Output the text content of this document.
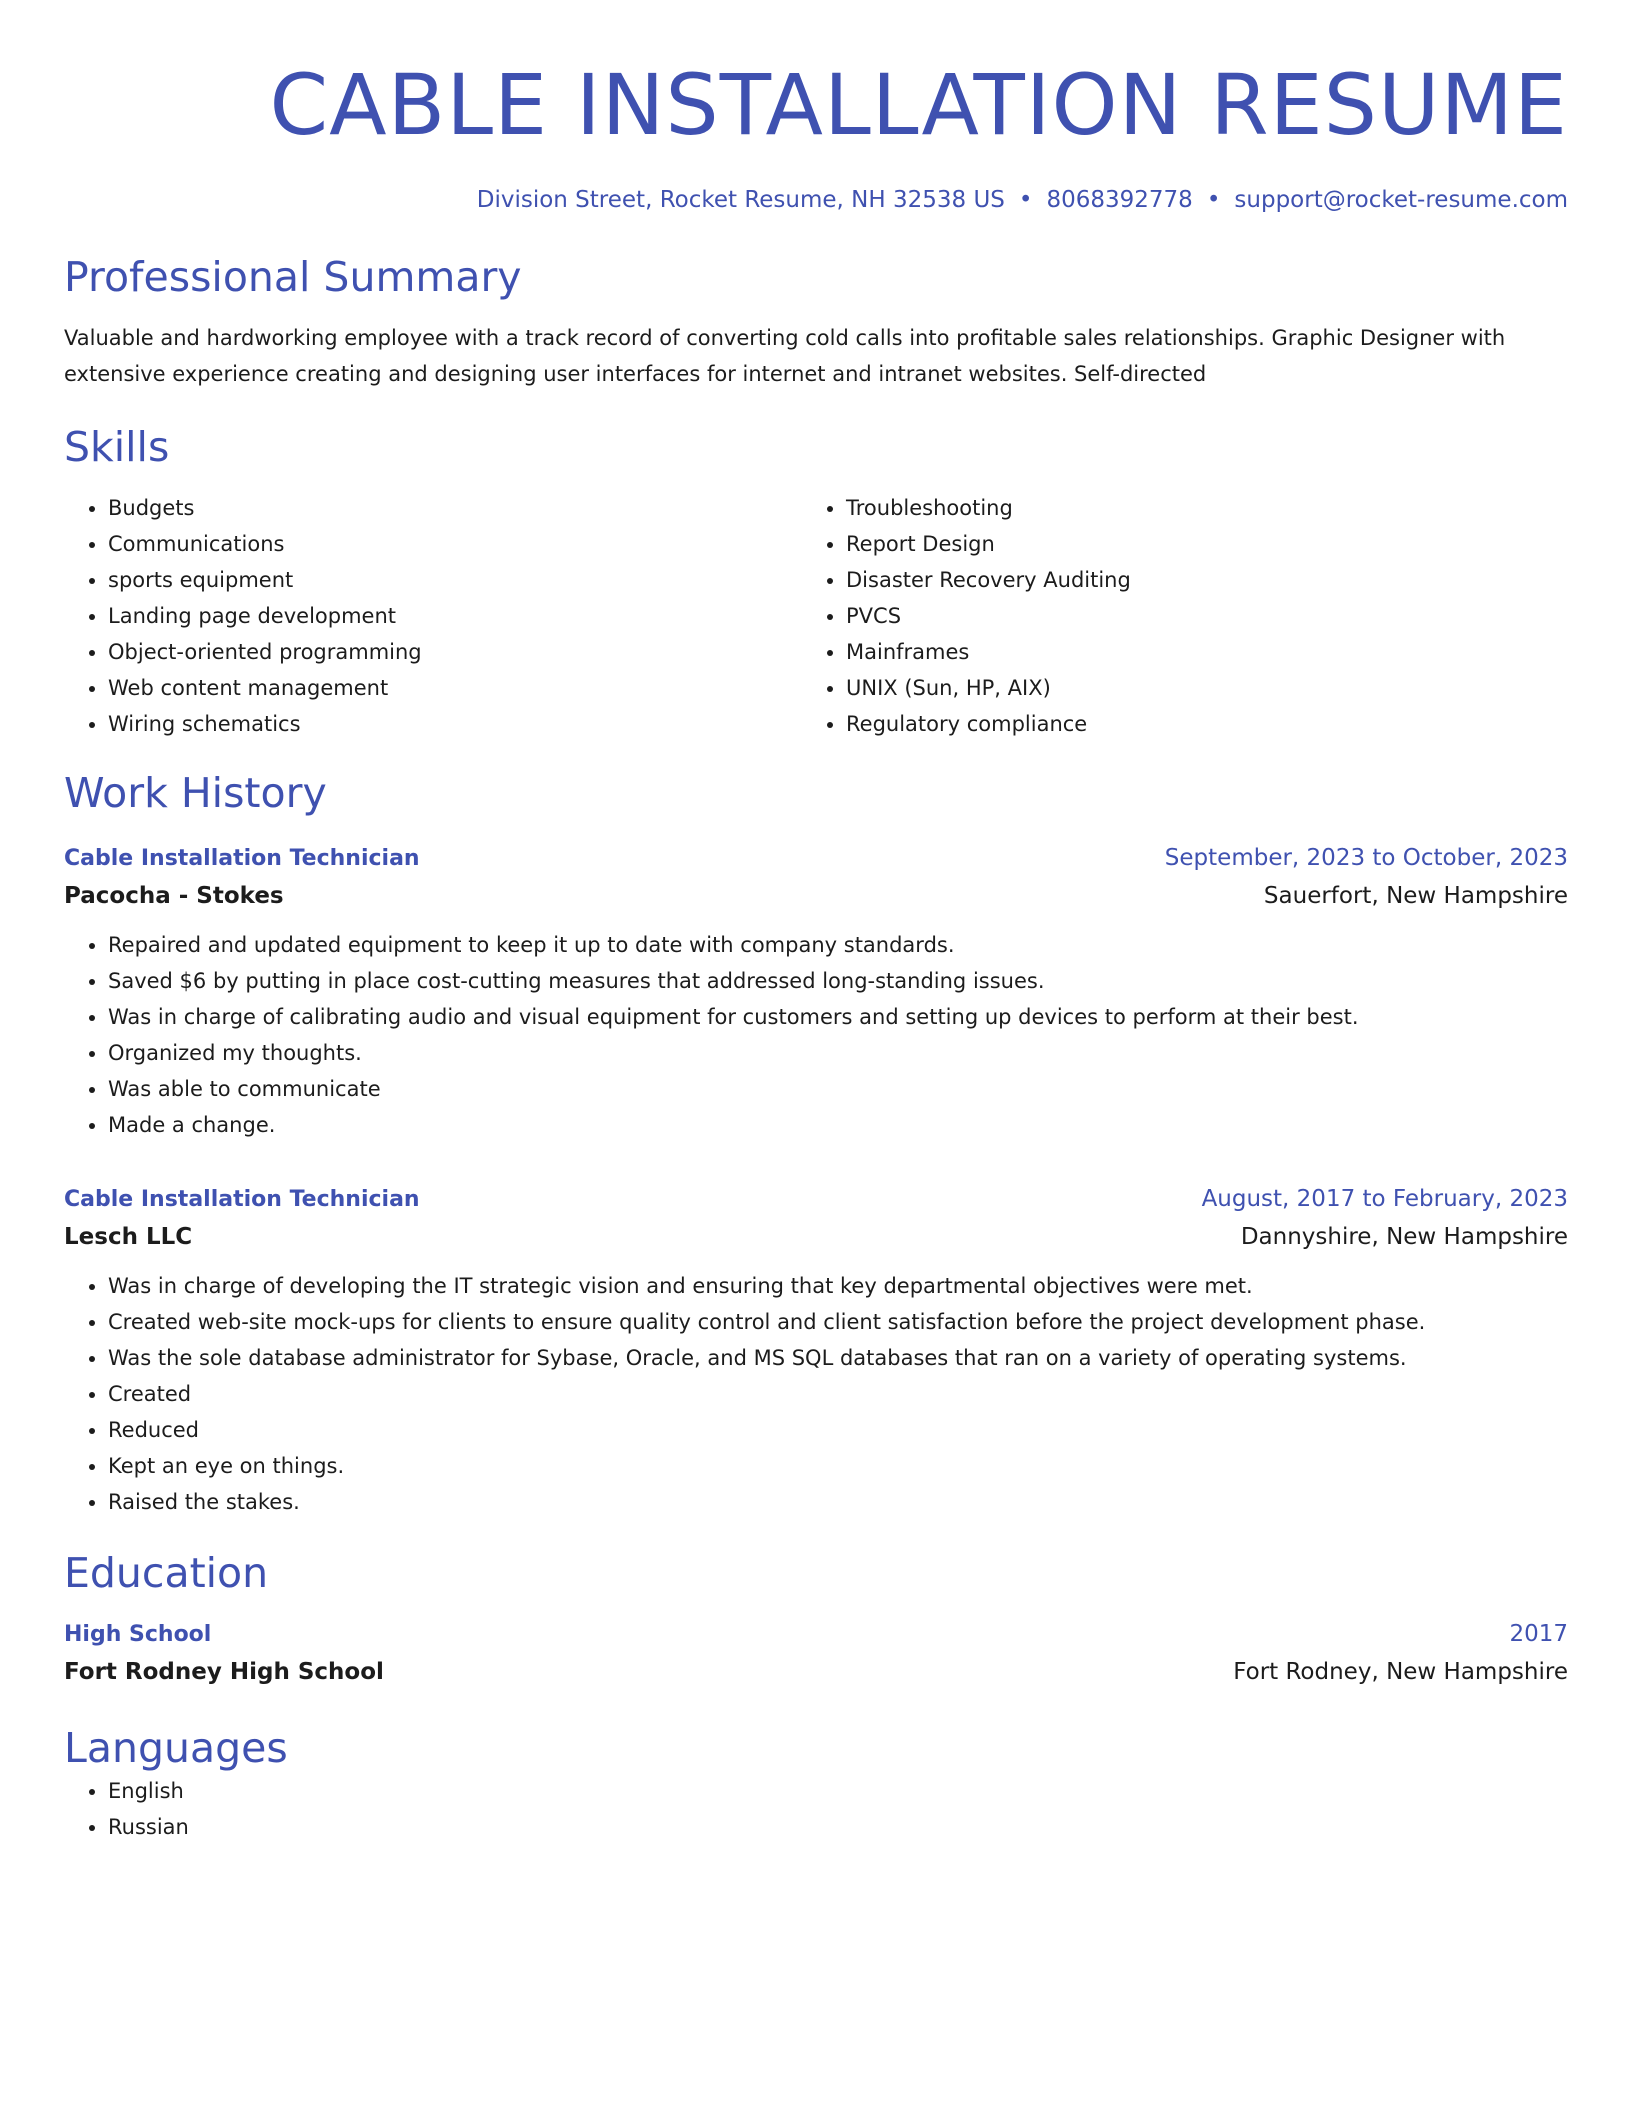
CABLE INSTALLATION RESUME
Division Street, Rocket Resume, NH 32538 US • 8068392778 • support@rocket-resume.com
Professional Summary
Valuable and hardworking employee with a track record of converting cold calls into profitable sales relationships. Graphic Designer with extensive experience creating and designing user interfaces for internet and intranet websites. Self-directed
Skills
• Budgets
• Communications
• sports equipment
• Landing page development
• Object-oriented programming
• Web content management
• Wiring schematics
• Troubleshooting
• Report Design
• Disaster Recovery Auditing
• PVCS
• Mainframes
• UNIX (Sun, HP, AIX)
• Regulatory compliance
Work History
Cable Installation Technician	September, 2023 to October, 2023
Pacocha - Stokes	Sauerfort, New Hampshire
• Repaired and updated equipment to keep it up to date with company standards.
• Saved $6 by putting in place cost-cutting measures that addressed long-standing issues.
• Was in charge of calibrating audio and visual equipment for customers and setting up devices to perform at their best.
• Organized my thoughts.
• Was able to communicate
• Made a change.
Cable Installation Technician	August, 2017 to February, 2023
Lesch LLC	Dannyshire, New Hampshire
• Was in charge of developing the IT strategic vision and ensuring that key departmental objectives were met.
• Created web-site mock-ups for clients to ensure quality control and client satisfaction before the project development phase.
• Was the sole database administrator for Sybase, Oracle, and MS SQL databases that ran on a variety of operating systems.
• Created
• Reduced
• Kept an eye on things.
• Raised the stakes.
Education
High School	2017
Fort Rodney High School	Fort Rodney, New Hampshire
Languages
• English
• Russian
